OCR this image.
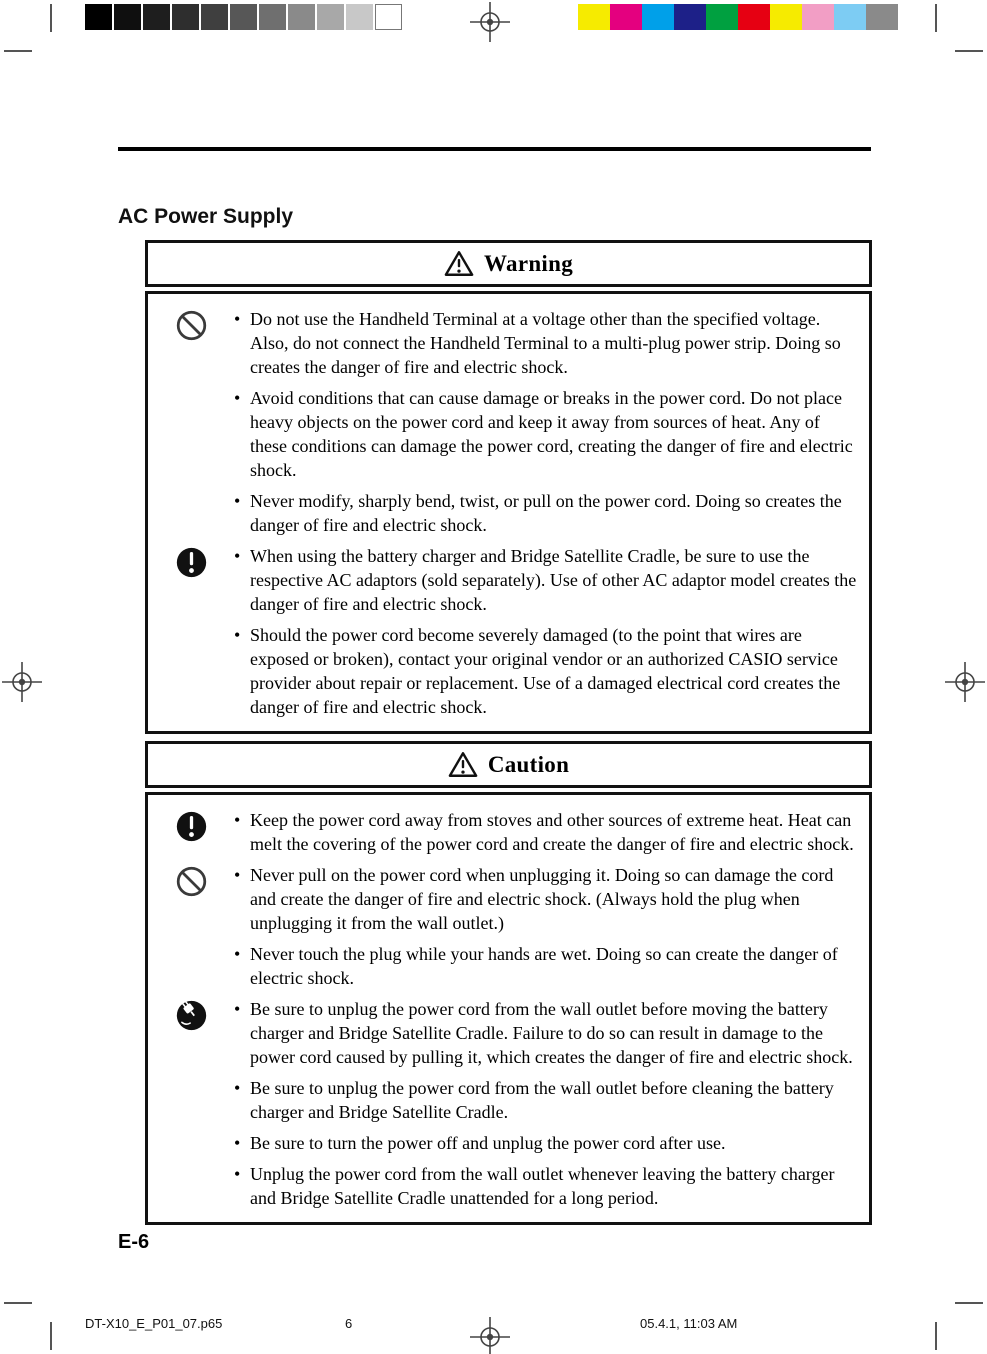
AC Power Supply
Warning
• Do not use the Handheld Terminal at a voltage other than the specified voltage. Also, do not connect the Handheld Terminal to a multi-plug power strip. Doing so creates the danger of fire and electric shock.
• Avoid conditions that can cause damage or breaks in the power cord. Do not place heavy objects on the power cord and keep it away from sources of heat. Any of these conditions can damage the power cord, creating the danger of fire and electric shock.
• Never modify, sharply bend, twist, or pull on the power cord. Doing so creates the danger of fire and electric shock.
• When using the battery charger and Bridge Satellite Cradle, be sure to use the respective AC adaptors (sold separately). Use of other AC adaptor model creates the danger of fire and electric shock.
• Should the power cord become severely damaged (to the point that wires are exposed or broken), contact your original vendor or an authorized CASIO service provider about repair or replacement. Use of a damaged electrical cord creates the danger of fire and electric shock.
Caution
• Keep the power cord away from stoves and other sources of extreme heat. Heat can melt the covering of the power cord and create the danger of fire and electric shock.
• Never pull on the power cord when unplugging it. Doing so can damage the cord and create the danger of fire and electric shock. (Always hold the plug when unplugging it from the wall outlet.)
• Never touch the plug while your hands are wet. Doing so can create the danger of electric shock.
• Be sure to unplug the power cord from the wall outlet before moving the battery charger and Bridge Satellite Cradle. Failure to do so can result in damage to the power cord caused by pulling it, which creates the danger of fire and electric shock.
• Be sure to unplug the power cord from the wall outlet before cleaning the battery charger and Bridge Satellite Cradle.
• Be sure to turn the power off and unplug the power cord after use.
• Unplug the power cord from the wall outlet whenever leaving the battery charger and Bridge Satellite Cradle unattended for a long period.
E-6
DT-X10_E_P01_07.p65	6	05.4.1, 11:03 AM
